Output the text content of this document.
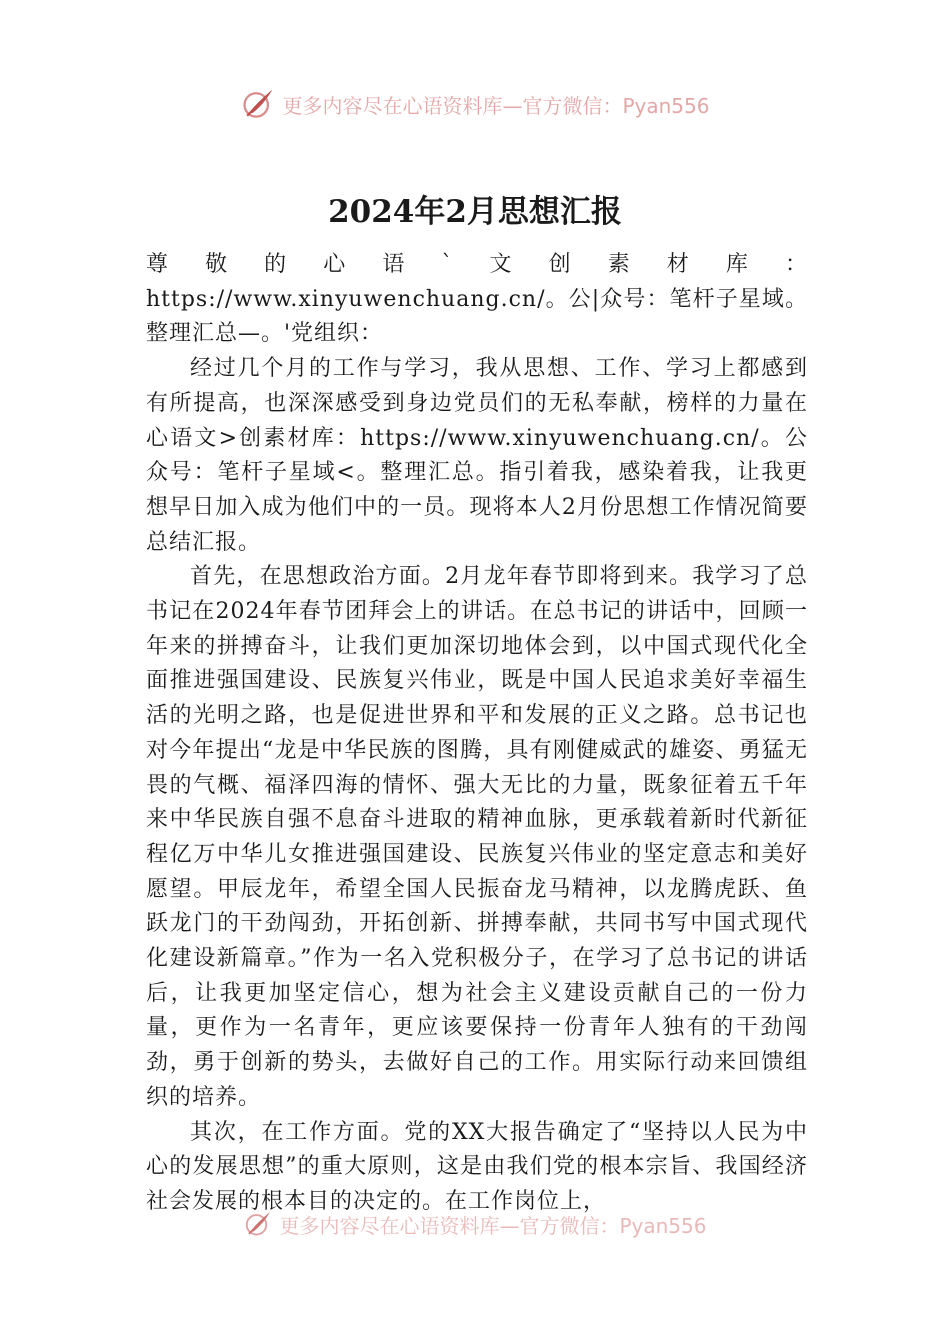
更多内容尽在心语资料库—官方微信：Pyan556
2024年2月思想汇报

尊敬的心语`文创素材库：https://www.xinyuwenchuang.cn/。公|众号：笔杆子星域。整理汇总—。'党组织：

经过几个月的工作与学习，我从思想、工作、学习上都感到有所提高，也深深感受到身边党员们的无私奉献，榜样的力量在心语文>创素材库：https://www.xinyuwenchuang.cn/。公众号：笔杆子星域<。整理汇总。指引着我，感染着我，让我更想早日加入成为他们中的一员。现将本人2月份思想工作情况简要总结汇报。

首先，在思想政治方面。2月龙年春节即将到来。我学习了总书记在2024年春节团拜会上的讲话。在总书记的讲话中，回顾一年来的拼搏奋斗，让我们更加深切地体会到，以中国式现代化全面推进强国建设、民族复兴伟业，既是中国人民追求美好幸福生活的光明之路，也是促进世界和平和发展的正义之路。总书记也对今年提出“龙是中华民族的图腾，具有刚健威武的雄姿、勇猛无畏的气概、福泽四海的情怀、强大无比的力量，既象征着五千年来中华民族自强不息奋斗进取的精神血脉，更承载着新时代新征程亿万中华儿女推进强国建设、民族复兴伟业的坚定意志和美好愿望。甲辰龙年，希望全国人民振奋龙马精神，以龙腾虎跃、鱼跃龙门的干劲闯劲，开拓创新、拼搏奉献，共同书写中国式现代化建设新篇章。”作为一名入党积极分子，在学习了总书记的讲话后，让我更加坚定信心，想为社会主义建设贡献自己的一份力量，更作为一名青年，更应该要保持一份青年人独有的干劲闯劲，勇于创新的势头，去做好自己的工作。用实际行动来回馈组织的培养。

其次，在工作方面。党的XX大报告确定了“坚持以人民为中心的发展思想”的重大原则，这是由我们党的根本宗旨、我国经济社会发展的根本目的决定的。在工作岗位上，

更多内容尽在心语资料库—官方微信：Pyan556
